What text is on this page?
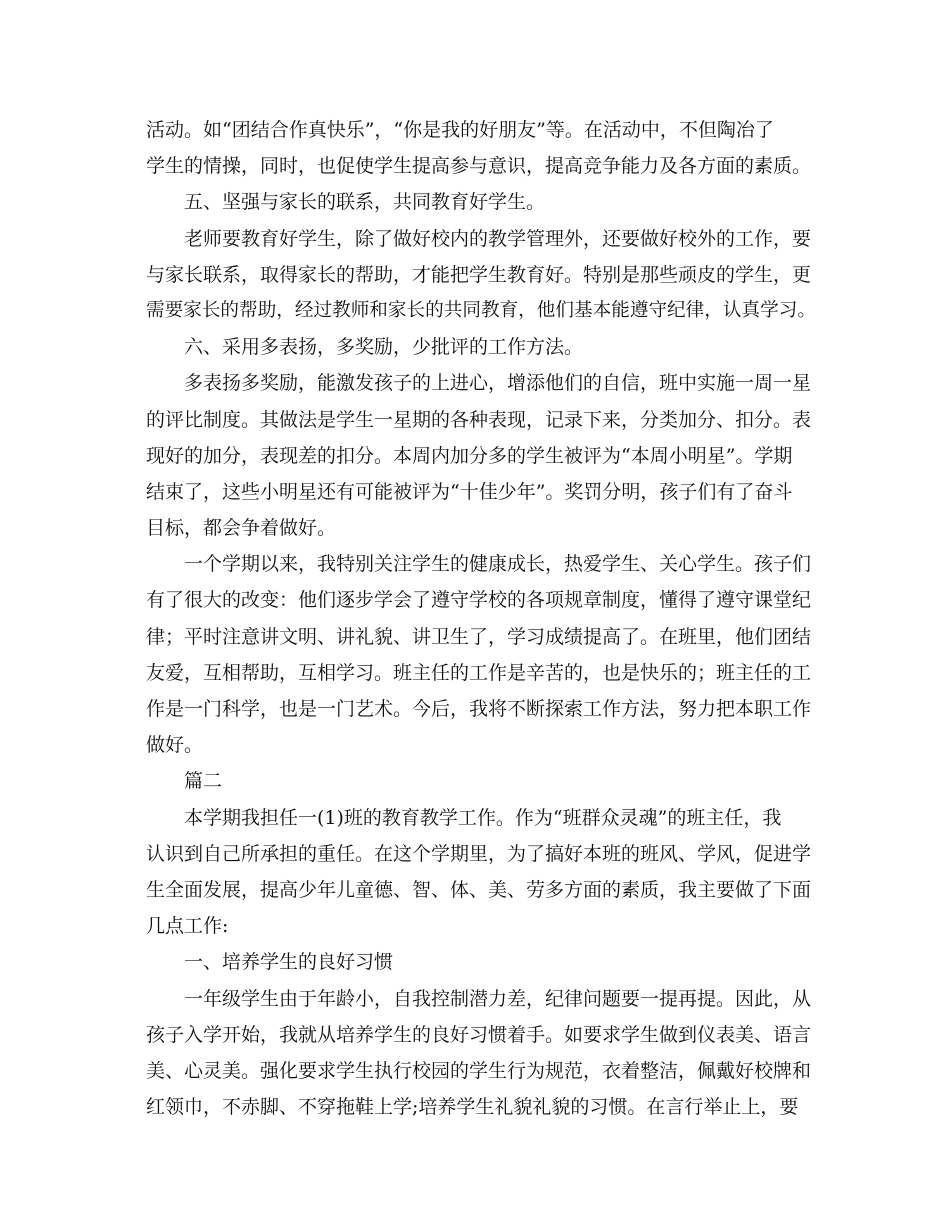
活动。如“团结合作真快乐”，“你是我的好朋友”等。在活动中，不但陶冶了
学生的情操，同时，也促使学生提高参与意识，提高竞争能力及各方面的素质。
五、坚强与家长的联系，共同教育好学生。
老师要教育好学生，除了做好校内的教学管理外，还要做好校外的工作，要
与家长联系，取得家长的帮助，才能把学生教育好。特别是那些顽皮的学生，更
需要家长的帮助，经过教师和家长的共同教育，他们基本能遵守纪律，认真学习。
六、采用多表扬，多奖励，少批评的工作方法。
多表扬多奖励，能激发孩子的上进心，增添他们的自信，班中实施一周一星
的评比制度。其做法是学生一星期的各种表现，记录下来，分类加分、扣分。表
现好的加分，表现差的扣分。本周内加分多的学生被评为“本周小明星”。学期
结束了，这些小明星还有可能被评为“十佳少年”。奖罚分明，孩子们有了奋斗
目标，都会争着做好。
一个学期以来，我特别关注学生的健康成长，热爱学生、关心学生。孩子们
有了很大的改变：他们逐步学会了遵守学校的各项规章制度，懂得了遵守课堂纪
律；平时注意讲文明、讲礼貌、讲卫生了，学习成绩提高了。在班里，他们团结
友爱，互相帮助，互相学习。班主任的工作是辛苦的，也是快乐的；班主任的工
作是一门科学，也是一门艺术。今后，我将不断探索工作方法，努力把本职工作
做好。
篇二
本学期我担任一(1)班的教育教学工作。作为“班群众灵魂”的班主任，我
认识到自己所承担的重任。在这个学期里，为了搞好本班的班风、学风，促进学
生全面发展，提高少年儿童德、智、体、美、劳多方面的素质，我主要做了下面
几点工作:
一、培养学生的良好习惯
一年级学生由于年龄小，自我控制潜力差，纪律问题要一提再提。因此，从
孩子入学开始，我就从培养学生的良好习惯着手。如要求学生做到仪表美、语言
美、心灵美。强化要求学生执行校园的学生行为规范，衣着整洁，佩戴好校牌和
红领巾，不赤脚、不穿拖鞋上学;培养学生礼貌礼貌的习惯。在言行举止上，要
